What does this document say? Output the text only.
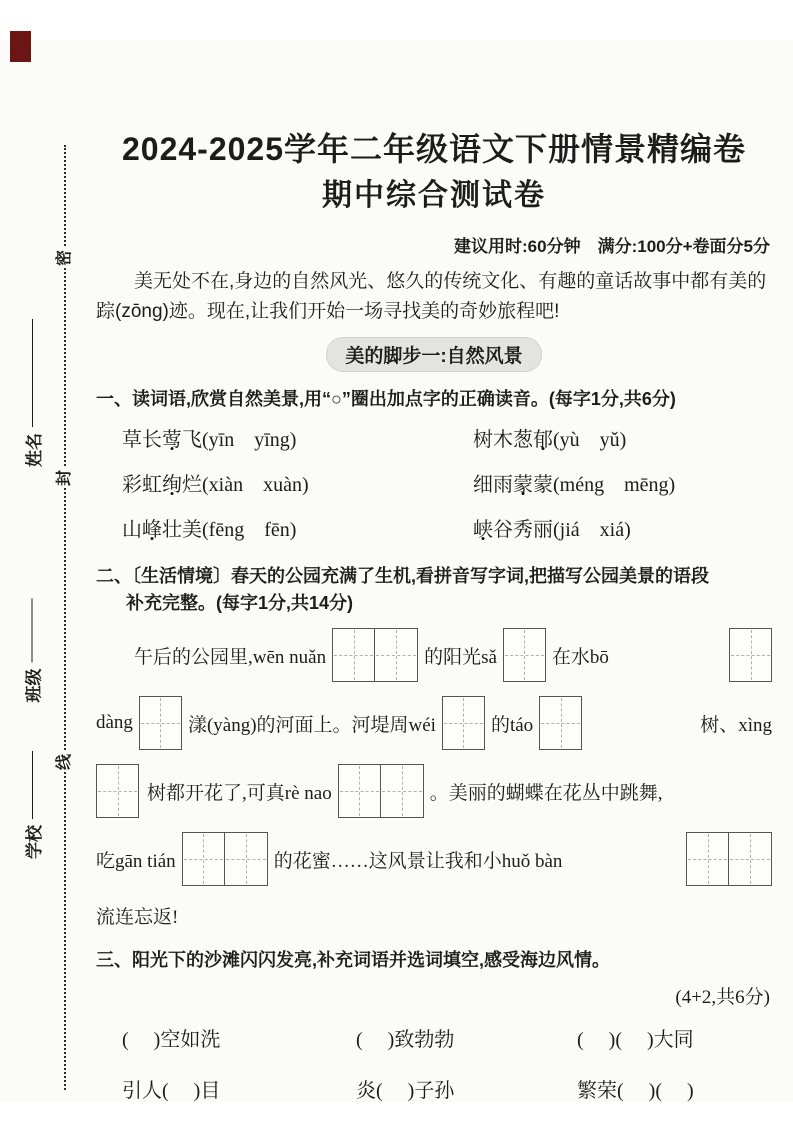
密
封
线
姓名
班级
学校
2024-2025学年二年级语文下册情景精编卷
期中综合测试卷
建议用时:60分钟　满分:100分+卷面分5分

美无处不在,身边的自然风光、悠久的传统文化、有趣的童话故事中都有美的踪(zōng)迹。现在,让我们开始一场寻找美的奇妙旅程吧!

美的脚步一:自然风景
一、读词语,欣赏自然美景,用“○”圈出加点字的正确读音。(每字1分,共6分)
草长莺飞(yīn　yīng)	树木葱郁(yù　yǔ)
彩虹绚烂(xiàn　xuàn)	细雨蒙蒙(méng　mēng)
山峰壮美(fēng　fēn)	峡谷秀丽(jiá　xiá)
二、〔生活情境〕春天的公园充满了生机,看拼音写字词,把描写公园美景的语段
补充完整。(每字1分,共14分)
午后的公园里,wēn nuǎn	的阳光sǎ	在水bō
dàng	漾(yàng)的河面上。河堤周wéi	的táo	树、xìng
树都开花了,可真rè nao	。美丽的蝴蝶在花丛中跳舞,
吃gān tián	的花蜜……这风景让我和小huǒ bàn
流连忘返!
三、阳光下的沙滩闪闪发亮,补充词语并选词填空,感受海边风情。
(4+2,共6分)
(　 )空如洗	(　 )致勃勃	(　 )(　 )大同
引人(　 )目	炎(　 )子孙	繁荣(　 )(　 )
